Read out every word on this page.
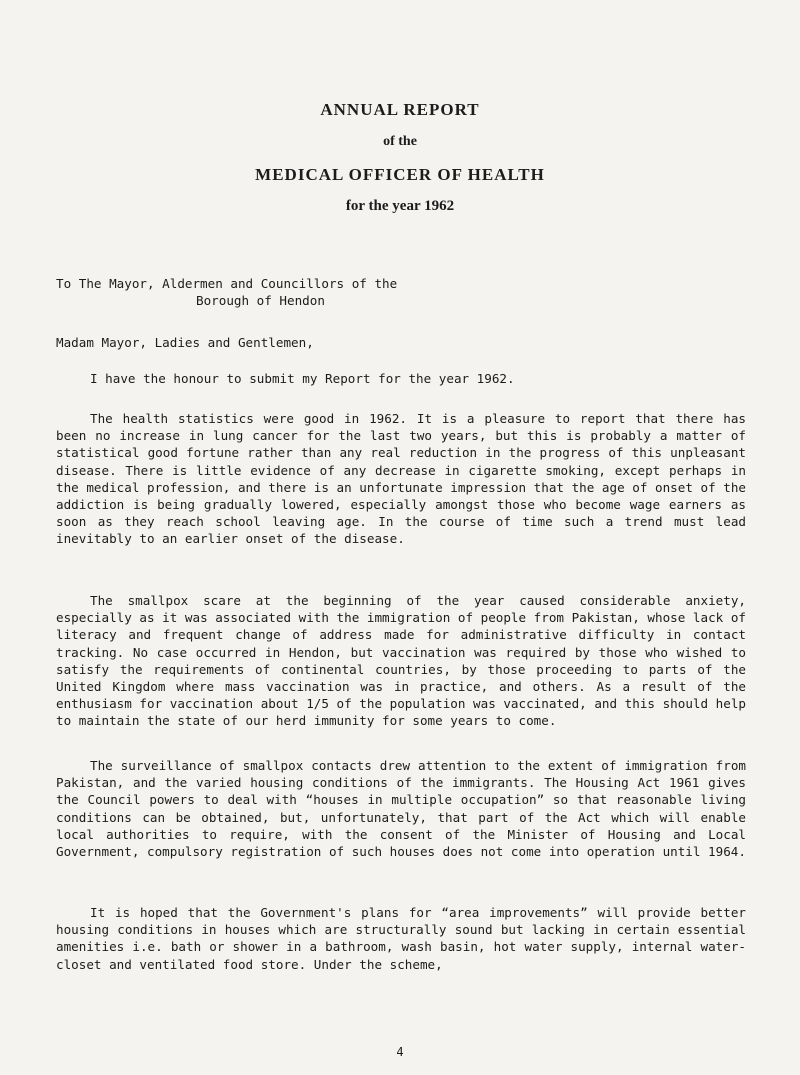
ANNUAL REPORT
of the
MEDICAL OFFICER OF HEALTH
for the year 1962
To The Mayor, Aldermen and Councillors of the
Borough of Hendon
Madam Mayor, Ladies and Gentlemen,
I have the honour to submit my Report for the year 1962.
The health statistics were good in 1962. It is a pleasure to report that there has been no increase in lung cancer for the last two years, but this is probably a matter of statistical good fortune rather than any real reduction in the progress of this unpleasant disease. There is little evidence of any decrease in cigarette smoking, except perhaps in the medical profession, and there is an unfortunate impression that the age of onset of the addiction is being gradually lowered, especially amongst those who become wage earners as soon as they reach school leaving age. In the course of time such a trend must lead inevitably to an earlier onset of the disease.
The smallpox scare at the beginning of the year caused considerable anxiety, especially as it was associated with the immigration of people from Pakistan, whose lack of literacy and frequent change of address made for administrative difficulty in contact tracking. No case occurred in Hendon, but vaccination was required by those who wished to satisfy the requirements of continental countries, by those proceeding to parts of the United Kingdom where mass vaccination was in practice, and others. As a result of the enthusiasm for vaccination about 1/5 of the population was vaccinated, and this should help to maintain the state of our herd immunity for some years to come.
The surveillance of smallpox contacts drew attention to the extent of immigration from Pakistan, and the varied housing conditions of the immigrants. The Housing Act 1961 gives the Council powers to deal with “houses in multiple occupation” so that reasonable living conditions can be obtained, but, unfortunately, that part of the Act which will enable local authorities to require, with the consent of the Minister of Housing and Local Government, compulsory registration of such houses does not come into operation until 1964.
It is hoped that the Government's plans for “area improvements” will provide better housing conditions in houses which are structurally sound but lacking in certain essential amenities i.e. bath or shower in a bathroom, wash basin, hot water supply, internal water-closet and ventilated food store. Under the scheme,
4
